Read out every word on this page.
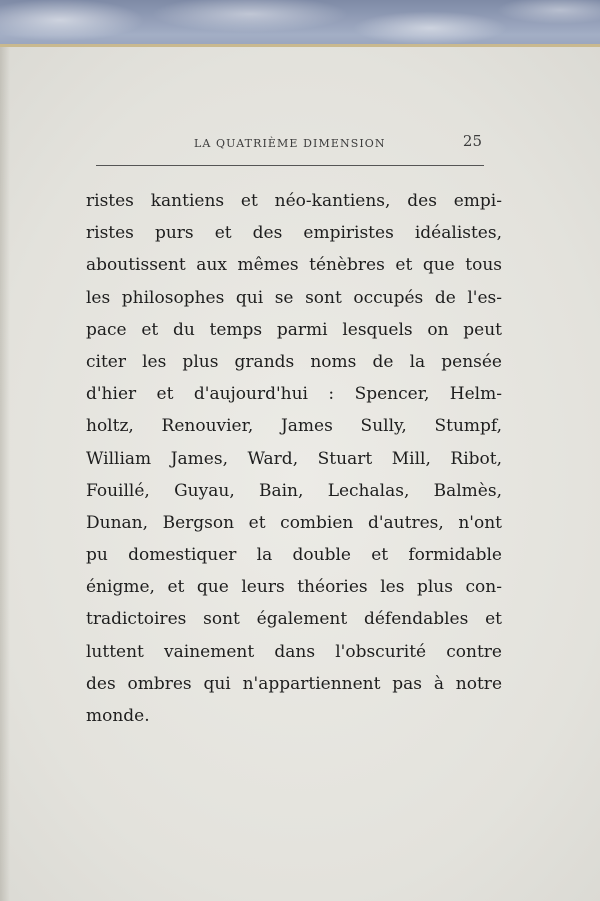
LA QUATRIÈME DIMENSION	25
ristes kantiens et néo-kantiens, des empi-
ristes purs et des empiristes idéalistes,
aboutissent aux mêmes ténèbres et que tous
les philosophes qui se sont occupés de l'es-
pace et du temps parmi lesquels on peut
citer les plus grands noms de la pensée
d'hier et d'aujourd'hui : Spencer, Helm-
holtz, Renouvier, James Sully, Stumpf,
William James, Ward, Stuart Mill, Ribot,
Fouillé, Guyau, Bain, Lechalas, Balmès,
Dunan, Bergson et combien d'autres, n'ont
pu domestiquer la double et formidable
énigme, et que leurs théories les plus con-
tradictoires sont également défendables et
luttent vainement dans l'obscurité contre
des ombres qui n'appartiennent pas à notre
monde.
